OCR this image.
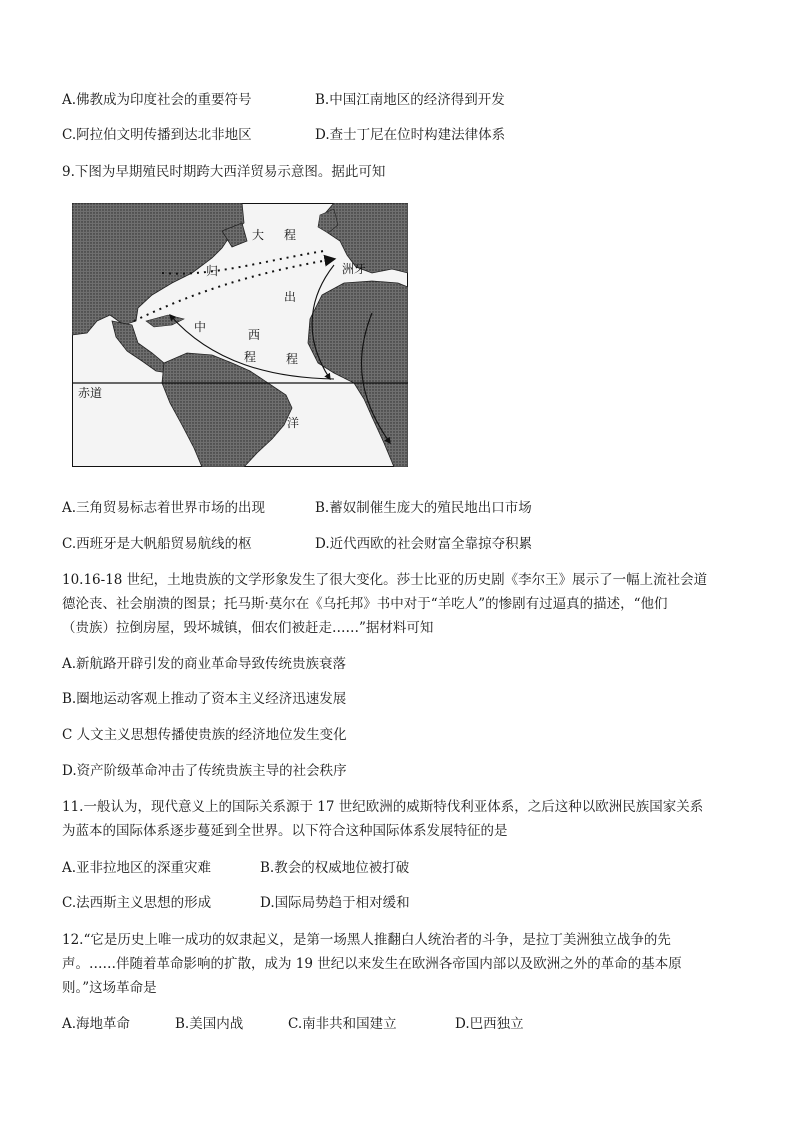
A.佛教成为印度社会的重要符号	B.中国江南地区的经济得到开发
C.阿拉伯文明传播到达北非地区	D.查士丁尼在位时构建法律体系
9.下图为早期殖民时期跨大西洋贸易示意图。据此可知
大 程
归
出
中
西
程
程
洋
洲牙
赤道
A.三角贸易标志着世界市场的出现	B.蓄奴制催生庞大的殖民地出口市场
C.西班牙是大帆船贸易航线的枢	D.近代西欧的社会财富全靠掠夺积累
10.16-18 世纪，土地贵族的文学形象发生了很大变化。莎士比亚的历史剧《李尔王》展示了一幅上流社会道
德沦丧、社会崩溃的图景；托马斯·莫尔在《乌托邦》书中对于“羊吃人”的惨剧有过逼真的描述，“他们
（贵族）拉倒房屋，毁坏城镇，佃农们被赶走……”据材料可知
A.新航路开辟引发的商业革命导致传统贵族衰落
B.圈地运动客观上推动了资本主义经济迅速发展
C 人文主义思想传播使贵族的经济地位发生变化
D.资产阶级革命冲击了传统贵族主导的社会秩序
11.一般认为，现代意义上的国际关系源于 17 世纪欧洲的威斯特伐利亚体系，之后这种以欧洲民族国家关系
为蓝本的国际体系逐步蔓延到全世界。以下符合这种国际体系发展特征的是
A.亚非拉地区的深重灾难	B.教会的权威地位被打破
C.法西斯主义思想的形成	D.国际局势趋于相对缓和
12.“它是历史上唯一成功的奴隶起义，是第一场黑人推翻白人统治者的斗争，是拉丁美洲独立战争的先
声。……伴随着革命影响的扩散，成为 19 世纪以来发生在欧洲各帝国内部以及欧洲之外的革命的基本原
则。”这场革命是
A.海地革命	B.美国内战	C.南非共和国建立	D.巴西独立
